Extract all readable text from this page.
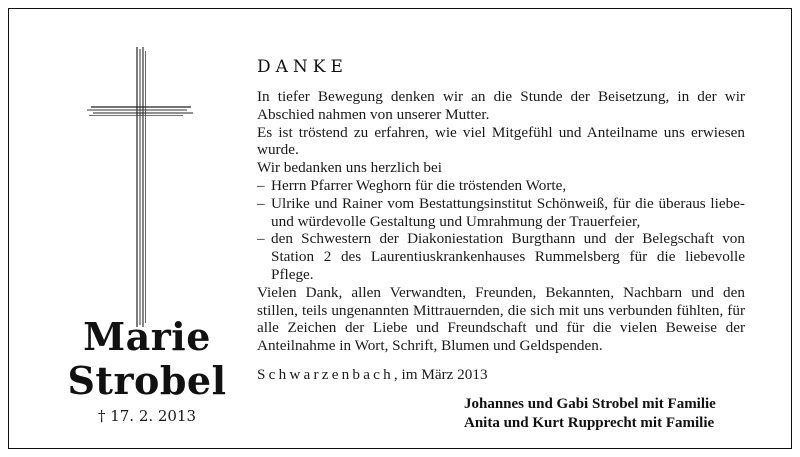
Marie
Strobel
† 17. 2. 2013
DANKE

In tiefer Bewegung denken wir an die Stunde der Beisetzung, in der wir Abschied nahmen von unserer Mutter.

Es ist tröstend zu erfahren, wie viel Mitgefühl und Anteilname uns erwiesen wurde.

Wir bedanken uns herzlich bei

– Herrn Pfarrer Weghorn für die tröstenden Worte,

– Ulrike und Rainer vom Bestattungsinstitut Schönweiß, für die überaus liebe- und würdevolle Gestaltung und Umrahmung der Trauerfeier,

– den Schwestern der Diakoniestation Burgthann und der Belegschaft von Station 2 des Laurentiuskrankenhauses Rummelsberg für die liebevolle Pflege.

Vielen Dank, allen Verwandten, Freunden, Bekannten, Nachbarn und den stillen, teils ungenannten Mittrauernden, die sich mit uns verbunden fühlten, für alle Zeichen der Liebe und Freundschaft und für die vielen Beweise der Anteilnahme in Wort, Schrift, Blumen und Geldspenden.

Schwarzenbach, im März 2013
Johannes und Gabi Strobel mit Familie
Anita und Kurt Rupprecht mit Familie
